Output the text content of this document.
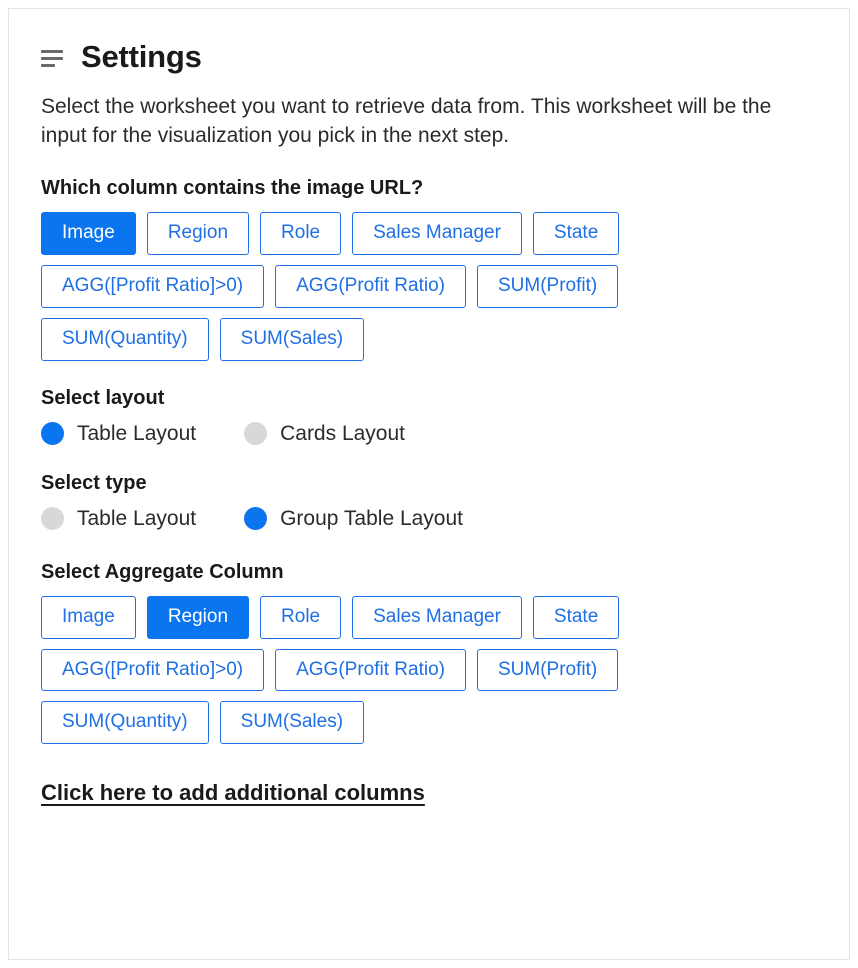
Settings
Select the worksheet you want to retrieve data from. This worksheet will be the input for the visualization you pick in the next step.
Which column contains the image URL?
Image	Region	Role	Sales Manager	State
AGG([Profit Ratio]>0)	AGG(Profit Ratio)	SUM(Profit)
SUM(Quantity)	SUM(Sales)
Select layout
Table Layout	Cards Layout
Select type
Table Layout	Group Table Layout
Select Aggregate Column
Image	Region	Role	Sales Manager	State
AGG([Profit Ratio]>0)	AGG(Profit Ratio)	SUM(Profit)
SUM(Quantity)	SUM(Sales)
Click here to add additional columns
